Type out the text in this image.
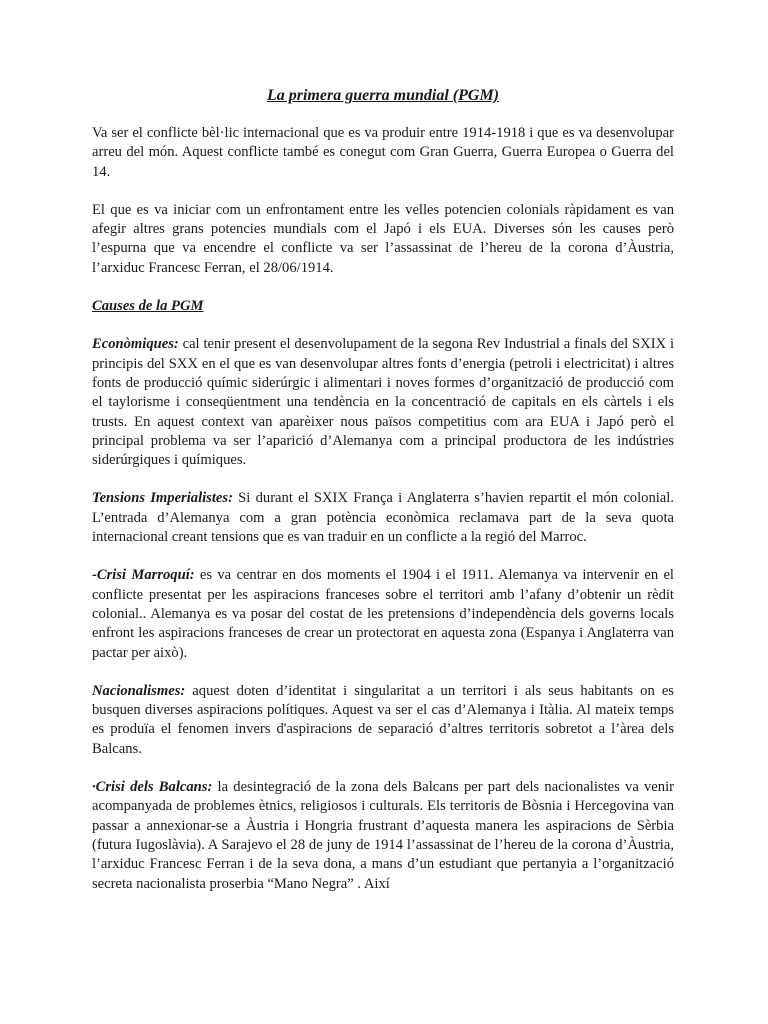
La primera guerra mundial (PGM)

Va ser el conflicte bèl·lic internacional que es va produir entre 1914-1918 i que es va desenvolupar arreu del món. Aquest conflicte també es conegut com Gran Guerra, Guerra Europea o Guerra del 14.

El que es va iniciar com un enfrontament entre les velles potencien colonials ràpidament es van afegir altres grans potencies mundials com el Japó i els EUA. Diverses són les causes però l’espurna que va encendre el conflicte va ser l’assassinat de l’hereu de la corona d’Àustria, l’arxiduc Francesc Ferran, el 28/06/1914.

Causes de la PGM

Econòmiques: cal tenir present el desenvolupament de la segona Rev Industrial a finals del SXIX i principis del SXX en el que es van desenvolupar altres fonts d’energia (petroli i electricitat) i altres fonts de producció químic siderúrgic i alimentari i noves formes d’organització de producció com el taylorisme i conseqüentment una tendència en la concentració de capitals en els càrtels i els trusts. En aquest context van aparèixer nous països competitius com ara EUA i Japó però el principal problema va ser l’aparició d’Alemanya com a principal productora de les indústries siderúrgiques i químiques.

Tensions Imperialistes: Si durant el SXIX França i Anglaterra s’havien repartit el món colonial. L’entrada d’Alemanya com a gran potència econòmica reclamava part de la seva quota internacional creant tensions que es van traduir en un conflicte a la regió del Marroc.

-Crisi Marroquí: es va centrar en dos moments el 1904 i el 1911. Alemanya va intervenir en el conflicte presentat per les aspiracions franceses sobre el territori amb l’afany d’obtenir un rèdit colonial.. Alemanya es va posar del costat de les pretensions d’independència dels governs locals enfront les aspiracions franceses de crear un protectorat en aquesta zona (Espanya i Anglaterra van pactar per això).

Nacionalismes: aquest doten d’identitat i singularitat a un territori i als seus habitants on es busquen diverses aspiracions polítiques. Aquest va ser el cas d’Alemanya i Itàlia. Al mateix temps es produïa el fenomen invers d'aspiracions de separació d’altres territoris sobretot a l’àrea dels Balcans.

·Crisi dels Balcans: la desintegració de la zona dels Balcans per part dels nacionalistes va venir acompanyada de problemes ètnics, religiosos i culturals. Els territoris de Bòsnia i Hercegovina van passar a annexionar-se a Àustria i Hongria frustrant d’aquesta manera les aspiracions de Sèrbia (futura Iugoslàvia). A Sarajevo el 28 de juny de 1914 l’assassinat de l’hereu de la corona d’Àustria, l’arxiduc Francesc Ferran i de la seva dona, a mans d’un estudiant que pertanyia a l’organització secreta nacionalista proserbia “Mano Negra” . Així
